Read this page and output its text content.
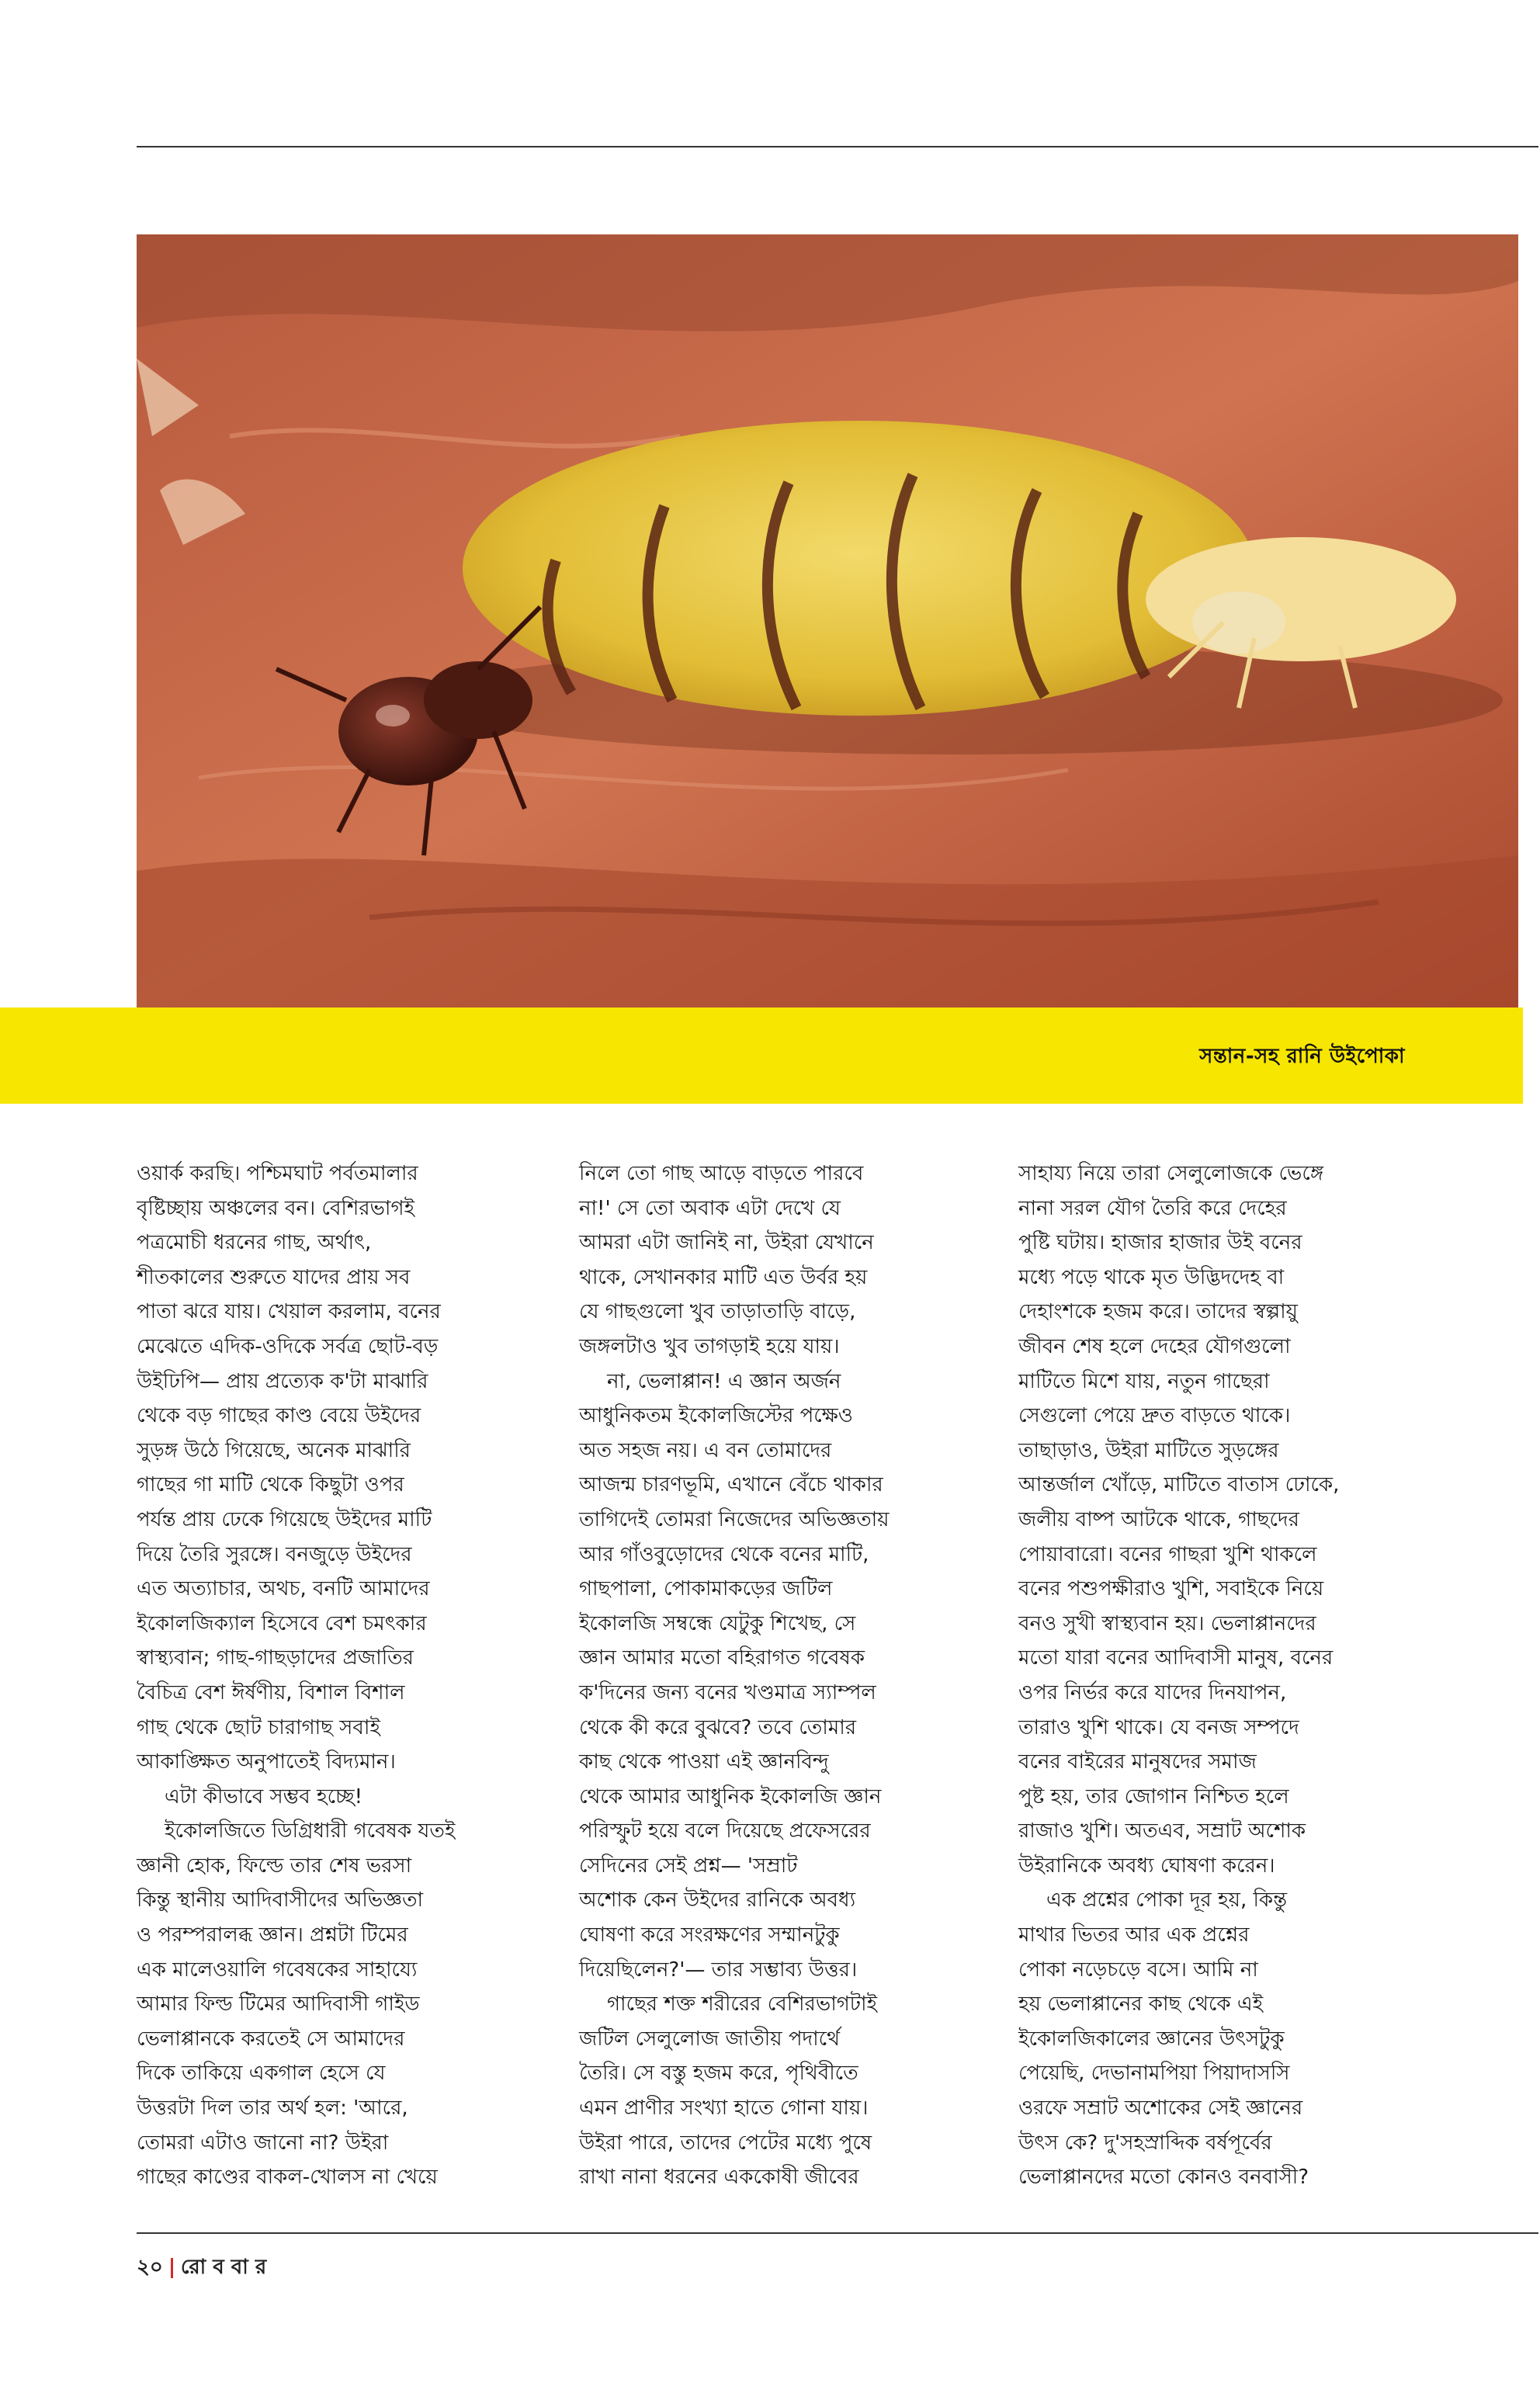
সন্তান-সহ রানি উইপোকা
ওয়ার্ক করছি। পশ্চিমঘাট পর্বতমালার
বৃষ্টিচ্ছায় অঞ্চলের বন। বেশিরভাগই
পত্রমোচী ধরনের গাছ, অর্থাৎ,
শীতকালের শুরুতে যাদের প্রায় সব
পাতা ঝরে যায়। খেয়াল করলাম, বনের
মেঝেতে এদিক-ওদিকে সর্বত্র ছোট-বড়
উইঢিপি— প্রায় প্রত্যেক ক'টা মাঝারি
থেকে বড় গাছের কাণ্ড বেয়ে উইদের
সুড়ঙ্গ উঠে গিয়েছে, অনেক মাঝারি
গাছের গা মাটি থেকে কিছুটা ওপর
পর্যন্ত প্রায় ঢেকে গিয়েছে উইদের মাটি
দিয়ে তৈরি সুরঙ্গে। বনজুড়ে উইদের
এত অত্যাচার, অথচ, বনটি আমাদের
ইকোলজিক্যাল হিসেবে বেশ চমৎকার
স্বাস্থ্যবান; গাছ-গাছড়াদের প্রজাতির
বৈচিত্র বেশ ঈর্ষণীয়, বিশাল বিশাল
গাছ থেকে ছোট চারাগাছ সবাই
আকাঙ্ক্ষিত অনুপাতেই বিদ্যমান।
এটা কীভাবে সম্ভব হচ্ছে!
ইকোলজিতে ডিগ্রিধারী গবেষক যতই
জ্ঞানী হোক, ফিল্ডে তার শেষ ভরসা
কিন্তু স্থানীয় আদিবাসীদের অভিজ্ঞতা
ও পরম্পরালব্ধ জ্ঞান। প্রশ্নটা টিমের
এক মালেওয়ালি গবেষকের সাহায্যে
আমার ফিল্ড টিমের আদিবাসী গাইড
ভেলাপ্পানকে করতেই সে আমাদের
দিকে তাকিয়ে একগাল হেসে যে
উত্তরটা দিল তার অর্থ হল: 'আরে,
তোমরা এটাও জানো না? উইরা
গাছের কাণ্ডের বাকল-খোলস না খেয়ে
নিলে তো গাছ আড়ে বাড়তে পারবে
না!' সে তো অবাক এটা দেখে যে
আমরা এটা জানিই না, উইরা যেখানে
থাকে, সেখানকার মাটি এত উর্বর হয়
যে গাছগুলো খুব তাড়াতাড়ি বাড়ে,
জঙ্গলটাও খুব তাগড়াই হয়ে যায়।
না, ভেলাপ্পান! এ জ্ঞান অর্জন
আধুনিকতম ইকোলজিস্টের পক্ষেও
অত সহজ নয়। এ বন তোমাদের
আজন্ম চারণভূমি, এখানে বেঁচে থাকার
তাগিদেই তোমরা নিজেদের অভিজ্ঞতায়
আর গাঁওবুড়োদের থেকে বনের মাটি,
গাছপালা, পোকামাকড়ের জটিল
ইকোলজি সম্বন্ধে যেটুকু শিখেছ, সে
জ্ঞান আমার মতো বহিরাগত গবেষক
ক'দিনের জন্য বনের খণ্ডমাত্র স্যাম্পল
থেকে কী করে বুঝবে? তবে তোমার
কাছ থেকে পাওয়া এই জ্ঞানবিন্দু
থেকে আমার আধুনিক ইকোলজি জ্ঞান
পরিস্ফুট হয়ে বলে দিয়েছে প্রফেসরের
সেদিনের সেই প্রশ্ন— 'সম্রাট
অশোক কেন উইদের রানিকে অবধ্য
ঘোষণা করে সংরক্ষণের সম্মানটুকু
দিয়েছিলেন?'— তার সম্ভাব্য উত্তর।
গাছের শক্ত শরীরের বেশিরভাগটাই
জটিল সেলুলোজ জাতীয় পদার্থে
তৈরি। সে বস্তু হজম করে, পৃথিবীতে
এমন প্রাণীর সংখ্যা হাতে গোনা যায়।
উইরা পারে, তাদের পেটের মধ্যে পুষে
রাখা নানা ধরনের এককোষী জীবের
সাহায্য নিয়ে তারা সেলুলোজকে ভেঙ্গে
নানা সরল যৌগ তৈরি করে দেহের
পুষ্টি ঘটায়। হাজার হাজার উই বনের
মধ্যে পড়ে থাকে মৃত উদ্ভিদদেহ বা
দেহাংশকে হজম করে। তাদের স্বল্পায়ু
জীবন শেষ হলে দেহের যৌগগুলো
মাটিতে মিশে যায়, নতুন গাছেরা
সেগুলো পেয়ে দ্রুত বাড়তে থাকে।
তাছাড়াও, উইরা মাটিতে সুড়ঙ্গের
আন্তর্জাল খোঁড়ে, মাটিতে বাতাস ঢোকে,
জলীয় বাষ্প আটকে থাকে, গাছদের
পোয়াবারো। বনের গাছরা খুশি থাকলে
বনের পশুপক্ষীরাও খুশি, সবাইকে নিয়ে
বনও সুখী স্বাস্থ্যবান হয়। ভেলাপ্পানদের
মতো যারা বনের আদিবাসী মানুষ, বনের
ওপর নির্ভর করে যাদের দিনযাপন,
তারাও খুশি থাকে। যে বনজ সম্পদে
বনের বাইরের মানুষদের সমাজ
পুষ্ট হয়, তার জোগান নিশ্চিত হলে
রাজাও খুশি। অতএব, সম্রাট অশোক
উইরানিকে অবধ্য ঘোষণা করেন।
এক প্রশ্নের পোকা দূর হয়, কিন্তু
মাথার ভিতর আর এক প্রশ্নের
পোকা নড়েচড়ে বসে। আমি না
হয় ভেলাপ্পানের কাছ থেকে এই
ইকোলজিকালের জ্ঞানের উৎসটুকু
পেয়েছি, দেভানামপিয়া পিয়াদাসসি
ওরফে সম্রাট অশোকের সেই জ্ঞানের
উৎস কে? দু'সহস্রাব্দিক বর্ষপূর্বের
ভেলাপ্পানদের মতো কোনও বনবাসী?
২০ রো ব বা র
